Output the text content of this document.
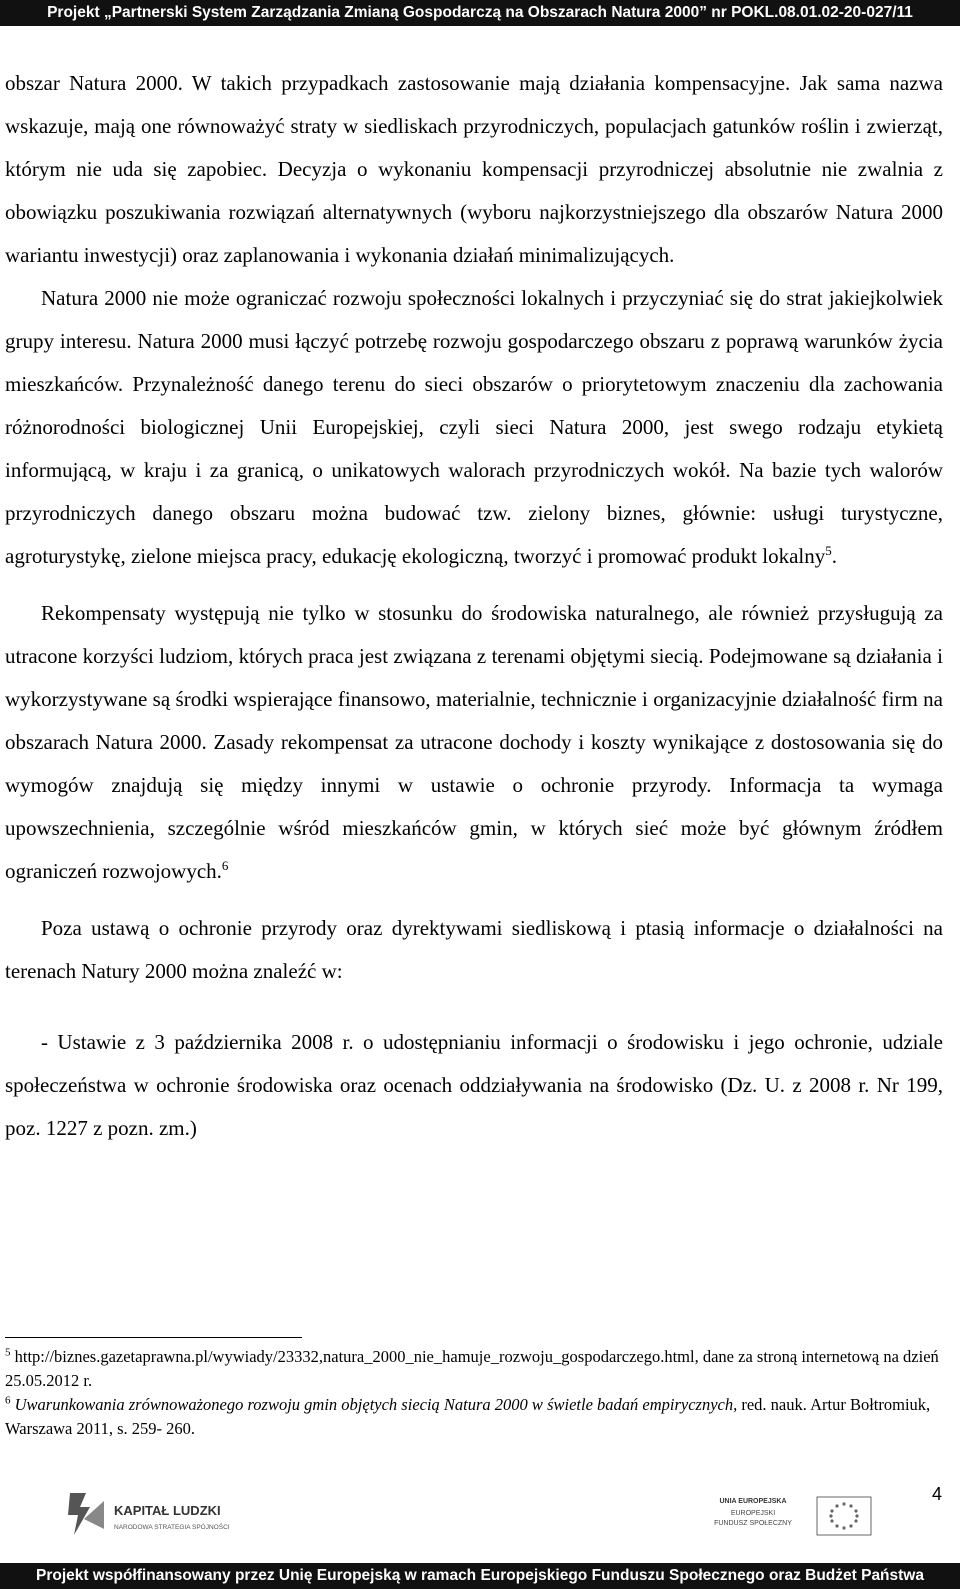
Projekt „Partnerski System Zarządzania Zmianą Gospodarczą na Obszarach Natura 2000” nr POKL.08.01.02-20-027/11

obszar Natura 2000. W takich przypadkach zastosowanie mają działania kompensacyjne. Jak sama nazwa wskazuje, mają one równoważyć straty w siedliskach przyrodniczych, populacjach gatunków roślin i zwierząt, którym nie uda się zapobiec. Decyzja o wykonaniu kompensacji przyrodniczej absolutnie nie zwalnia z obowiązku poszukiwania rozwiązań alternatywnych (wyboru najkorzystniejszego dla obszarów Natura 2000 wariantu inwestycji) oraz zaplanowania i wykonania działań minimalizujących.

Natura 2000 nie może ograniczać rozwoju społeczności lokalnych i przyczyniać się do strat jakiejkolwiek grupy interesu. Natura 2000 musi łączyć potrzebę rozwoju gospodarczego obszaru z poprawą warunków życia mieszkańców. Przynależność danego terenu do sieci obszarów o priorytetowym znaczeniu dla zachowania różnorodności biologicznej Unii Europejskiej, czyli sieci Natura 2000, jest swego rodzaju etykietą informującą, w kraju i za granicą, o unikatowych walorach przyrodniczych wokół. Na bazie tych walorów przyrodniczych danego obszaru można budować tzw. zielony biznes, głównie: usługi turystyczne, agroturystykę, zielone miejsca pracy, edukację ekologiczną, tworzyć i promować produkt lokalny$^5$.

Rekompensaty występują nie tylko w stosunku do środowiska naturalnego, ale również przysługują za utracone korzyści ludziom, których praca jest związana z terenami objętymi siecią. Podejmowane są działania i wykorzystywane są środki wspierające finansowo, materialnie, technicznie i organizacyjnie działalność firm na obszarach Natura 2000. Zasady rekompensat za utracone dochody i koszty wynikające z dostosowania się do wymogów znajdują się między innymi w ustawie o ochronie przyrody. Informacja ta wymaga upowszechnienia, szczególnie wśród mieszkańców gmin, w których sieć może być głównym źródłem ograniczeń rozwojowych.$^6$

Poza ustawą o ochronie przyrody oraz dyrektywami siedliskową i ptasią informacje o działalności na terenach Natury 2000 można znaleźć w:

- Ustawie z 3 października 2008 r. o udostępnianiu informacji o środowisku i jego ochronie, udziale społeczeństwa w ochronie środowiska oraz ocenach oddziaływania na środowisko (Dz. U. z 2008 r. Nr 199, poz. 1227 z pozn. zm.)

$^5$ http://biznes.gazetaprawna.pl/wywiady/23332,natura_2000_nie_hamuje_rozwoju_gospodarczego.html, dane za stroną internetową na dzień 25.05.2012 r.

$^6$ Uwarunkowania zrównoważonego rozwoju gmin objętych siecią Natura 2000 w świetle badań empirycznych, red. nauk. Artur Bołtromiuk, Warszawa 2011, s. 259- 260.

4
KAPITAŁ LUDZKI
NARODOWA STRATEGIA SPÓJNOŚCI
UNIA EUROPEJSKA
EUROPEJSKI
FUNDUSZ SPOŁECZNY
Projekt współfinansowany przez Unię Europejską w ramach Europejskiego Funduszu Społecznego oraz Budżet Państwa
